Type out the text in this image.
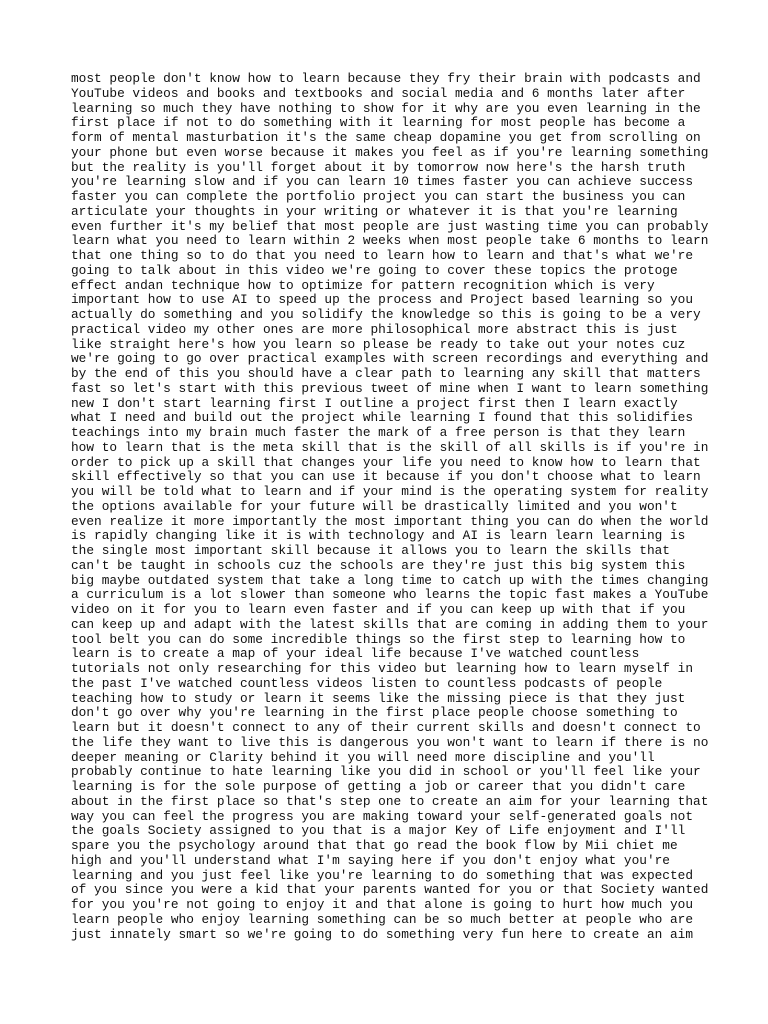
most people don't know how to learn because they fry their brain with podcasts and
YouTube videos and books and textbooks and social media and 6 months later after
learning so much they have nothing to show for it why are you even learning in the
first place if not to do something with it learning for most people has become a
form of mental masturbation it's the same cheap dopamine you get from scrolling on
your phone but even worse because it makes you feel as if you're learning something
but the reality is you'll forget about it by tomorrow now here's the harsh truth
you're learning slow and if you can learn 10 times faster you can achieve success
faster you can complete the portfolio project you can start the business you can
articulate your thoughts in your writing or whatever it is that you're learning
even further it's my belief that most people are just wasting time you can probably
learn what you need to learn within 2 weeks when most people take 6 months to learn
that one thing so to do that you need to learn how to learn and that's what we're
going to talk about in this video we're going to cover these topics the protoge
effect andan technique how to optimize for pattern recognition which is very
important how to use AI to speed up the process and Project based learning so you
actually do something and you solidify the knowledge so this is going to be a very
practical video my other ones are more philosophical more abstract this is just
like straight here's how you learn so please be ready to take out your notes cuz
we're going to go over practical examples with screen recordings and everything and
by the end of this you should have a clear path to learning any skill that matters
fast so let's start with this previous tweet of mine when I want to learn something
new I don't start learning first I outline a project first then I learn exactly
what I need and build out the project while learning I found that this solidifies
teachings into my brain much faster the mark of a free person is that they learn
how to learn that is the meta skill that is the skill of all skills is if you're in
order to pick up a skill that changes your life you need to know how to learn that
skill effectively so that you can use it because if you don't choose what to learn
you will be told what to learn and if your mind is the operating system for reality
the options available for your future will be drastically limited and you won't
even realize it more importantly the most important thing you can do when the world
is rapidly changing like it is with technology and AI is learn learn learning is
the single most important skill because it allows you to learn the skills that
can't be taught in schools cuz the schools are they're just this big system this
big maybe outdated system that take a long time to catch up with the times changing
a curriculum is a lot slower than someone who learns the topic fast makes a YouTube
video on it for you to learn even faster and if you can keep up with that if you
can keep up and adapt with the latest skills that are coming in adding them to your
tool belt you can do some incredible things so the first step to learning how to
learn is to create a map of your ideal life because I've watched countless
tutorials not only researching for this video but learning how to learn myself in
the past I've watched countless videos listen to countless podcasts of people
teaching how to study or learn it seems like the missing piece is that they just
don't go over why you're learning in the first place people choose something to
learn but it doesn't connect to any of their current skills and doesn't connect to
the life they want to live this is dangerous you won't want to learn if there is no
deeper meaning or Clarity behind it you will need more discipline and you'll
probably continue to hate learning like you did in school or you'll feel like your
learning is for the sole purpose of getting a job or career that you didn't care
about in the first place so that's step one to create an aim for your learning that
way you can feel the progress you are making toward your self-generated goals not
the goals Society assigned to you that is a major Key of Life enjoyment and I'll
spare you the psychology around that that go read the book flow by Mii chiet me
high and you'll understand what I'm saying here if you don't enjoy what you're
learning and you just feel like you're learning to do something that was expected
of you since you were a kid that your parents wanted for you or that Society wanted
for you you're not going to enjoy it and that alone is going to hurt how much you
learn people who enjoy learning something can be so much better at people who are
just innately smart so we're going to do something very fun here to create an aim
